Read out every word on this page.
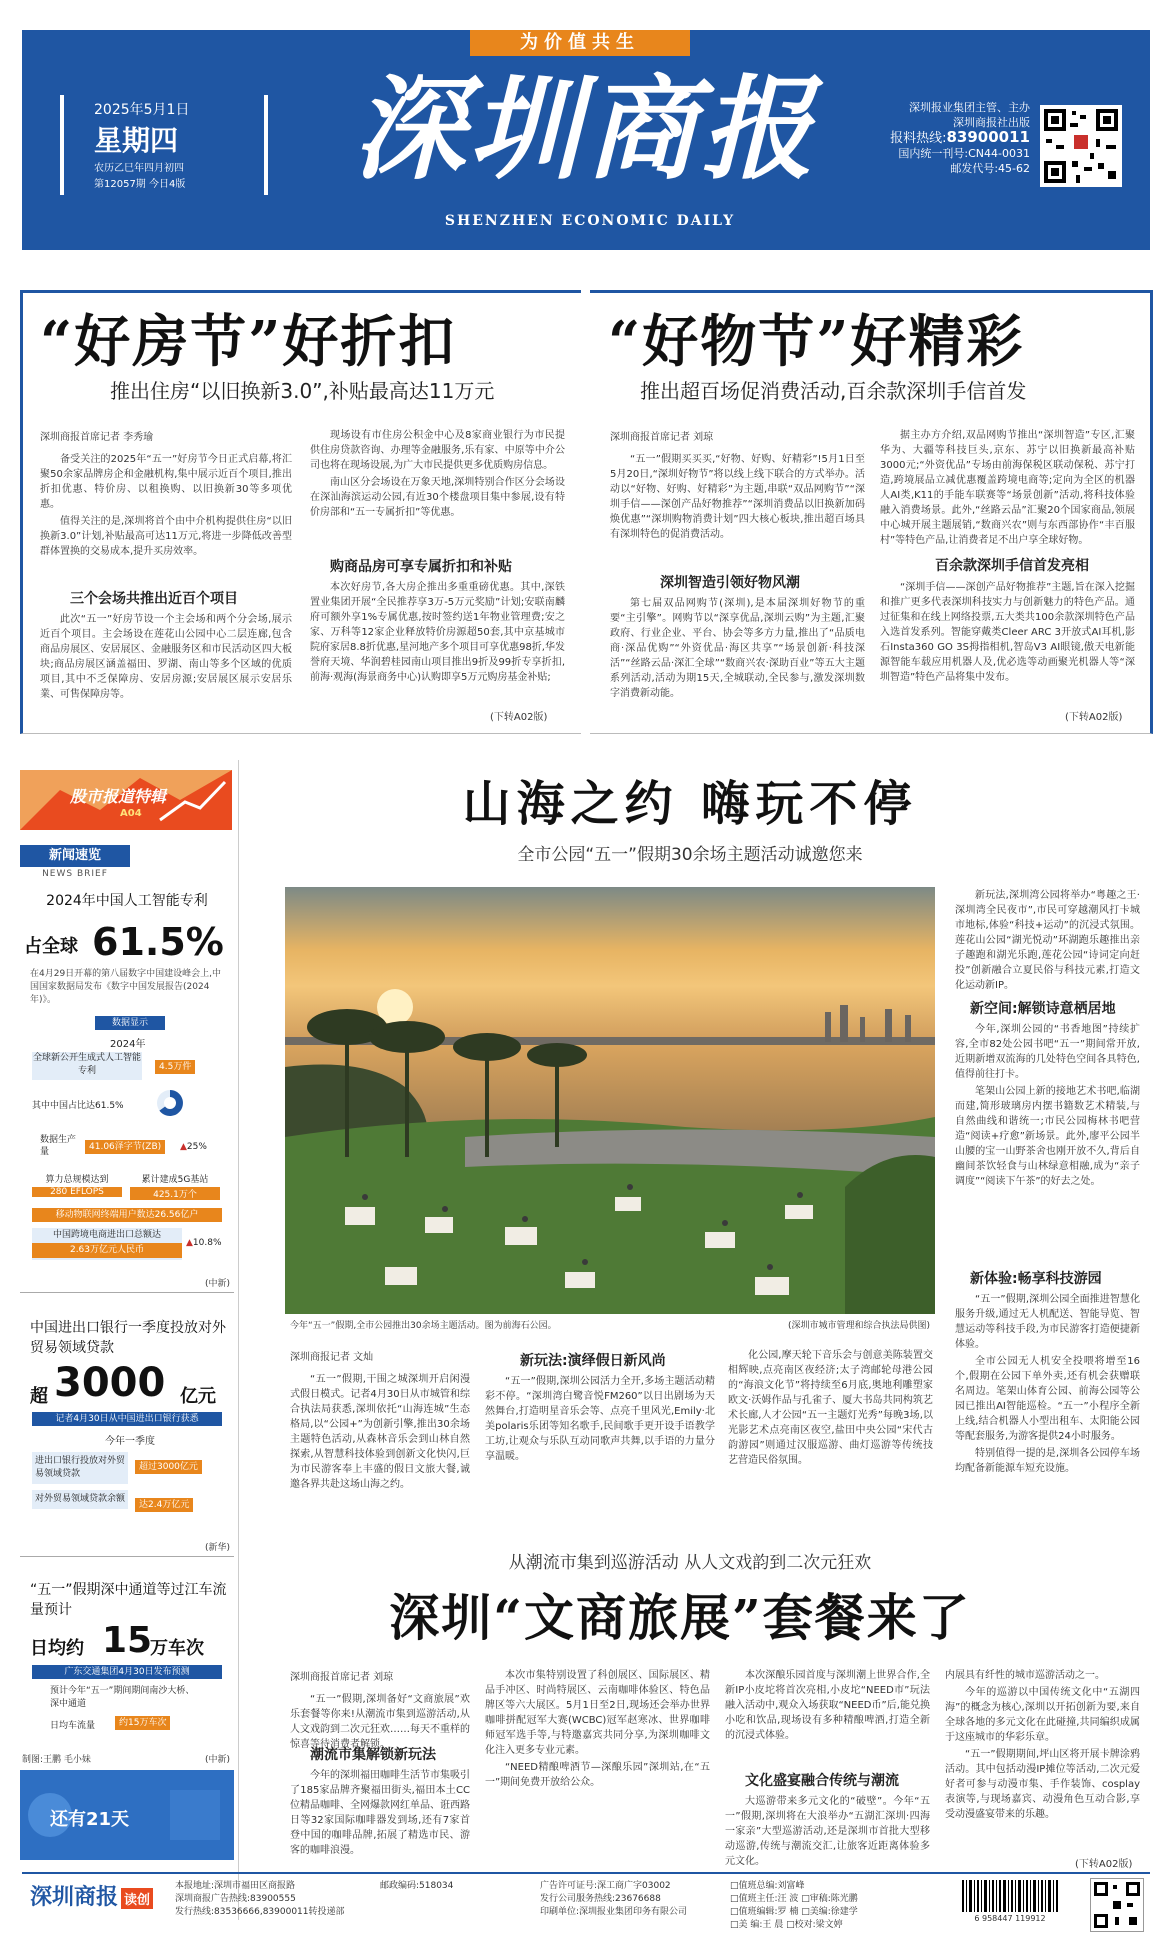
为价值共生
2025年5月1日
星期四
农历乙巳年四月初四
第12057期 今日4版 深圳商报
SHENZHEN ECONOMIC DAILY
深圳报业集团主管、主办
深圳商报社出版
报料热线:83900011
国内统一刊号:CN44-0031
邮发代号:45-62
“好房节”好折扣
推出住房“以旧换新3.0”,补贴最高达11万元
深圳商报首席记者 李秀瑜

备受关注的2025年“五一”好房节今日正式启幕,将汇聚50余家品牌房企和金融机构,集中展示近百个项目,推出折扣优惠、特价房、以租换购、以旧换新30等多项优惠。

值得关注的是,深圳将首个由中介机构提供住房“以旧换新3.0”计划,补贴最高可达11万元,将进一步降低改善型群体置换的交易成本,提升买房效率。

三个会场共推出近百个项目

此次“五一”好房节设一个主会场和两个分会场,展示近百个项目。主会场设在莲花山公园中心二层连廊,包含商品房展区、安居展区、金融服务区和市民活动区四大板块;商品房展区涵盖福田、罗湖、南山等多个区域的优质项目,其中不乏保障房、安居房源;安居展区展示安居乐業、可售保障房等。

现场设有市住房公积金中心及8家商业银行为市民提供住房贷款咨询、办理等金融服务,乐有家、中原等中介公司也将在现场设展,为广大市民提供更多优质购房信息。

南山区分会场设在万象天地,深圳特别合作区分会场设在深汕海滨运动公园,有近30个楼盘项目集中参展,设有特价房部和“五一专属折扣”等优惠。

购商品房可享专属折扣和补贴

本次好房节,各大房企推出多重重磅优惠。其中,深铁置业集团开展“全民推荐享3万-5万元奖励”计划;安联南麟府可额外享1%专属优惠,按时签约送1年物业管理费;安之家、万科等12家企业释放特价房源超50套,其中京基城市院府家居8.8折优惠,星河地产多个项目可享优惠98折,华发誉府天境、华润碧桂园南山项目推出9折及99折专享折扣,前海·观海(海景商务中心)认购即享5万元购房基金补贴;

(下转A02版)
“好物节”好精彩
推出超百场促消费活动,百余款深圳手信首发
深圳商报首席记者 刘琼

“五一”假期买买买,“好物、好购、好精彩”!5月1日至5月20日,“深圳好物节”将以线上线下联合的方式举办。活动以“好物、好购、好精彩”为主题,串联“双品网购节”“深圳手信——深创产品好物推荐”“深圳消费品以旧换新加码焕优惠”“深圳购物消费计划”四大核心板块,推出超百场具有深圳特色的促消费活动。

深圳智造引领好物风潮

第七届双品网购节(深圳),是本届深圳好物节的重要“主引擎”。网购节以“深享优品,深圳云购”为主题,汇聚政府、行业企业、平台、协会等多方力量,推出了“品质电商·深品优购”“外资优品·海区共享”“场景创新·科技深活”“丝路云品·深汇全球”“数商兴农·深助百业”等五大主题系列活动,活动为期15天,全城联动,全民参与,激发深圳数字消费新动能。

据主办方介绍,双品网购节推出“深圳智造”专区,汇聚华为、大疆等科技巨头,京东、苏宁以旧换新最高补贴3000元;“外资优品”专场由前海保税区联动保税、苏宁打造,跨境展品立减优惠覆盖跨境电商等;定向为全区的机器人AI类,K11的手能车联赛等“场景创新”活动,将科技体验融入消费场景。此外,“丝路云品”汇聚20个国家商品,领展中心城开展主题展销,“数商兴农”则与东西部协作“丰百服村”等特色产品,让消费者足不出户享全球好物。

百余款深圳手信首发亮相

“深圳手信——深创产品好物推荐”主题,旨在深入挖掘和推广更多代表深圳科技实力与创新魅力的特色产品。通过征集和在线上网络投票,五大类共100余款深圳特色产品入选首发系列。智能穿戴类Cleer ARC 3开放式AI耳机,影石Insta360 GO 3S拇指相机,智岛V3 AI眼镜,傲天电新能源智能车载应用机器人及,优必选等动画聚光机器人等“深圳智造”特色产品将集中发布。

(下转A02版)
股市报道特辑
A04
新闻速览
NEWS BRIEF
2024年中国人工智能专利
占全球 61.5%
在4月29日开幕的第八届数字中国建设峰会上,中国国家数据局发布《数字中国发展报告(2024年)》。
数据显示
2024年
全球新公开生成式人工智能专利	4.5万件
其中中国占比达61.5%
数据生产量	41.06泽字节(ZB)	▲25%
算力总规模达到
280 EFLOPS
累计建成5G基站
425.1万个
移动物联网终端用户数达26.56亿户
中国跨境电商进出口总额达
2.63万亿元人民币
▲10.8%
(中新)
中国进出口银行一季度投放对外贸易领域贷款
超 3000 亿元
记者4月30日从中国进出口银行获悉
今年一季度
进出口银行投放对外贸易领域贷款
超过3000亿元
对外贸易领域贷款余额
达2.4万亿元
(新华)
“五一”假期深中通道等过江车流量预计
日均约 15
万车次
广东交通集团4月30日发布预测
预计今年“五一”期间期间南沙大桥、深中通道
日均车流量	约15万车次
制图:王鹏 毛小妹	(中新)
还有21天
山海之约 嗨玩不停
全市公园“五一”假期30余场主题活动诚邀您来
今年“五一”假期,全市公园推出30余场主题活动。图为前海石公园。	(深圳市城市管理和综合执法局供图)
深圳商报记者 文灿

“五一”假期,干围之城深圳开启闲漫式假日模式。记者4月30日从市城管和综合执法局获悉,深圳依托“山海连城”生态格局,以“公园+”为创新引擎,推出30余场主题特色活动,从森林音乐会到山林自然探索,从智慧科技体验到创新文化快闪,巨为市民游客奉上丰盛的假日文旅大餐,诚邀各界共赴这场山海之约。

新玩法:演绎假日新风尚

“五一”假期,深圳公园活力全开,多场主题活动精彩不停。“深圳湾白鹭音悦FM260”以日出剧场为天然舞台,打造明星音乐会等、点亮千里风光,Emily·北美polaris乐团等知名歌手,民间歌手更开设手语教学工坊,让观众与乐队互动同歌声共舞,以手语的力量分享温暖。

化公园,摩天轮下音乐会与创意美陈装置交相辉映,点亮南区夜经济;太子湾邮轮母港公园的“海浪文化节”将持续至6月底,奥地利雕塑家欧文·沃姆作品与孔雀子、厦大书岛共同构筑艺术长廊,人才公园“五一主题灯光秀”每晚3场,以光影艺术点亮南区夜空,盐田中央公园“宋代古韵游园”则通过汉服巡游、曲灯巡游等传统技艺营造民俗氛围。

新玩法,深圳湾公园将举办“粤趣之王·深圳湾全民夜市”,市民可穿越潮风打卡城市地标,体验“科技+运动”的沉浸式氛围。莲花山公园“湖光悦动”环湖跑乐趣推出亲子趣跑和湖光乐跑,莲花公园“诗词定向赶投”创新融合立夏民俗与科技元素,打造文化运动新IP。

新空间:解锁诗意栖居地

今年,深圳公园的“书香地图”持续扩容,全市82处公园书吧“五一”期间常开放,近期新增双流海的几处特色空间各具特色,值得前往打卡。

笔架山公园上新的接地艺术书吧,临湖而建,简形玻璃房内摆书籍数艺术精装,与自然曲线和谐统一;市民公园梅林书吧营造“阅读+疗愈”新场景。此外,廖平公园半山腰的宝一山野茶舍也刚开放不久,背后自幽间茶饮轻食与山林绿意相融,成为“亲子调度”“阅读下午茶”的好去之处。

新体验:畅享科技游园

“五一”假期,深圳公园全面推进智慧化服务升级,通过无人机配送、智能导览、智慧运动等科技手段,为市民游客打造便捷新体验。

全市公园无人机安全投喂将增至16个,假期在公园下单外卖,还有机会获赠联名周边。笔架山体育公园、前海公园等公园已推出AI智能巡检。“五一”小程序全新上线,结合机器人小型出租车、太阳能公园等配套服务,为游客提供24小时服务。

特别值得一提的是,深圳各公园停车场均配备新能源车短充设施。

从潮流市集到巡游活动 从人文戏韵到二次元狂欢
深圳“文商旅展”套餐来了
深圳商报首席记者 刘琼

“五一”假期,深圳备好“文商旅展”欢乐套餐等你来!从潮流市集到巡游活动,从人文戏韵到二次元狂欢……每天不重样的惊喜等待消费者解锁。

潮流市集解锁新玩法

今年的深圳福田咖啡生活节市集吸引了185家品牌齐聚福田街头,福田本土CC位精品咖啡、全网爆款网红单品、诳西路日等32家国际咖啡器发到场,还有7家首登中国的咖啡品牌,拓展了精选市民、游客的咖啡浪漫。

本次市集特别设置了科创展区、国际展区、精品手冲区、时尚特展区、云南咖啡体验区、特色品牌区等六大展区。5月1日至2日,现场还会举办世界咖啡拼配冠军大赛(WCBC)冠军赵寒冰、世界咖啡师冠军选手等,与特邀嘉宾共同分享,为深圳咖啡文化注入更多专业元素。

“NEED精酿啤酒节—深酿乐园”深圳站,在“五一”期间免费开放给公众。

本次深酿乐园首度与深圳潮上世界合作,全新IP小皮坨将首次亮相,小皮坨“NEED市”玩法融入活动中,观众入场获取“NEED币”后,能兑换小吃和饮品,现场设有多种精酿啤酒,打造全新的沉浸式体验。

文化盛宴融合传统与潮流

大巡游带来多元文化的“破壁”。今年“五一”假期,深圳将在大浪举办“五湖汇深圳·四海一家亲”大型巡游活动,还是深圳市首批大型移动巡游,传统与潮流交汇,让旅客近距离体验多元文化。

内展具有纤性的城市巡游活动之一。

今年的巡游以中国传统文化中“五湖四海”的概念为核心,深圳以开拓创新为要,来自全球各地的多元文化在此碰撞,共同编织成属于这座城市的华彩乐章。

“五一”假期期间,坪山区将开展卡牌涂鸦活动。其中包括动漫IP摊位等活动,二次元爱好者可参与动漫市集、手作装饰、cosplay表演等,与现场嘉宾、动漫角色互动合影,享受动漫盛宴带来的乐趣。

(下转A02版)
深圳商报 读创
本报地址:深圳市福田区商报路
深圳商报广告热线:83900555
发行热线:83536666,83900011转投递部
邮政编码:518034	广告许可证号:深工商广字03002
发行公司服务热线:23676688
印刷单位:深圳报业集团印务有限公司
□值班总编:刘富峰
□值班主任:汪 波 □审稿:陈光鹏
□值班编辑:罗 楠 □美编:徐建学
□美 编:王 晨 □校对:梁文婷
6 958447 119912
